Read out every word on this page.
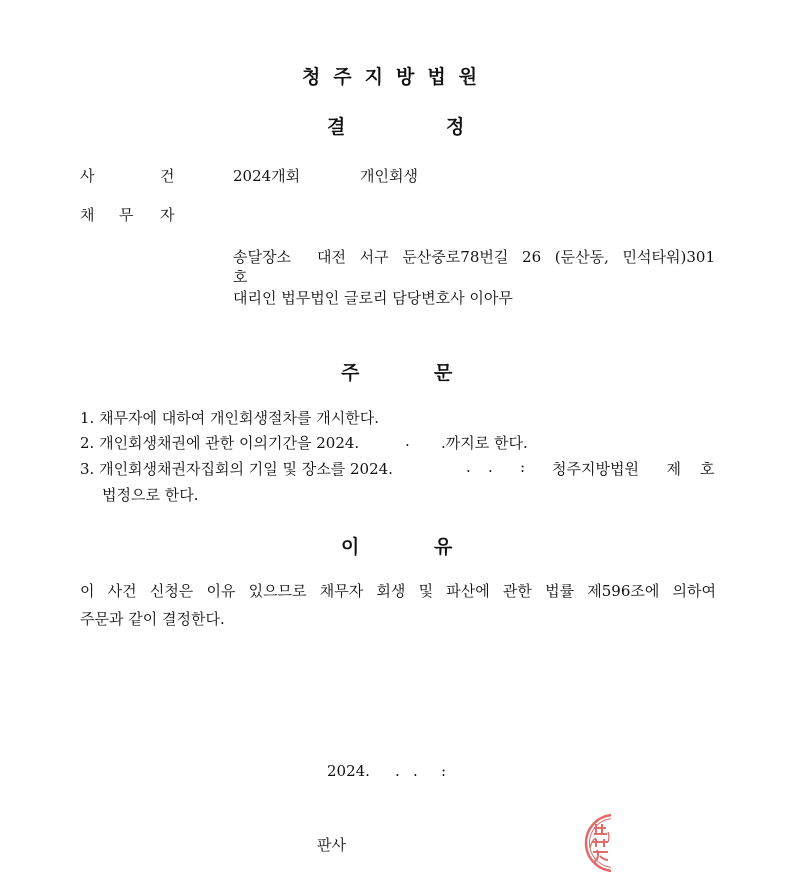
청주지방법원
결	정
사	건	2024개회	개인회생
채 무 자
송달장소 대전 서구 둔산중로78번길 26 (둔산동, 민석타워)301
호
대리인 법무법인 글로리 담당변호사 이아무
주	문
1. 채무자에 대하여 개인회생절차를 개시한다.
2. 개인회생채권에 관한 이의기간을 2024.	. .까지로 한다.
3. 개인회생채권자집회의 기일 및 장소를 2024.	. . : 청주지방법원 제 호
법정으로 한다.
이	유
이 사건 신청은 이유 있으므로 채무자 회생 및 파산에 관한 법률 제596조에 의하여
주문과 같이 결정한다.
2024. . . :
판사
